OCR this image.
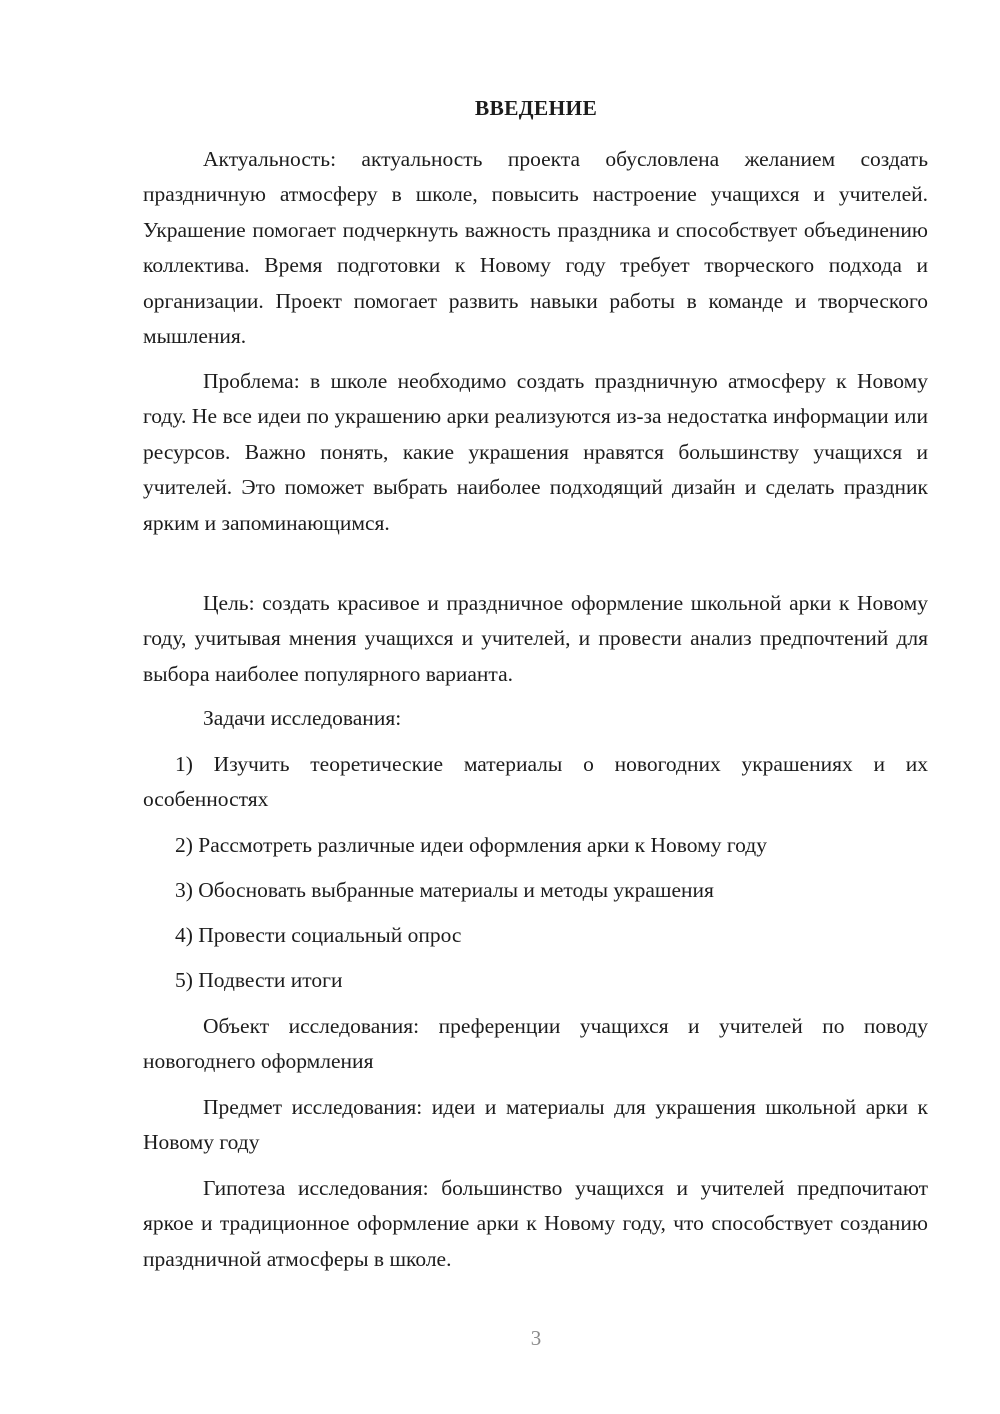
ВВЕДЕНИЕ

Актуальность: актуальность проекта обусловлена желанием создать праздничную атмосферу в школе, повысить настроение учащихся и учителей. Украшение помогает подчеркнуть важность праздника и способствует объединению коллектива. Время подготовки к Новому году требует творческого подхода и организации. Проект помогает развить навыки работы в команде и творческого мышления.

Проблема: в школе необходимо создать праздничную атмосферу к Новому году. Не все идеи по украшению арки реализуются из-за недостатка информации или ресурсов. Важно понять, какие украшения нравятся большинству учащихся и учителей. Это поможет выбрать наиболее подходящий дизайн и сделать праздник ярким и запоминающимся.

Цель: создать красивое и праздничное оформление школьной арки к Новому году, учитывая мнения учащихся и учителей, и провести анализ предпочтений для выбора наиболее популярного варианта.

Задачи исследования:

1) Изучить теоретические материалы о новогодних украшениях и их особенностях

2) Рассмотреть различные идеи оформления арки к Новому году

3) Обосновать выбранные материалы и методы украшения

4) Провести социальный опрос

5) Подвести итоги

Объект исследования: преференции учащихся и учителей по поводу новогоднего оформления

Предмет исследования: идеи и материалы для украшения школьной арки к Новому году

Гипотеза исследования: большинство учащихся и учителей предпочитают яркое и традиционное оформление арки к Новому году, что способствует созданию праздничной атмосферы в школе.

3
